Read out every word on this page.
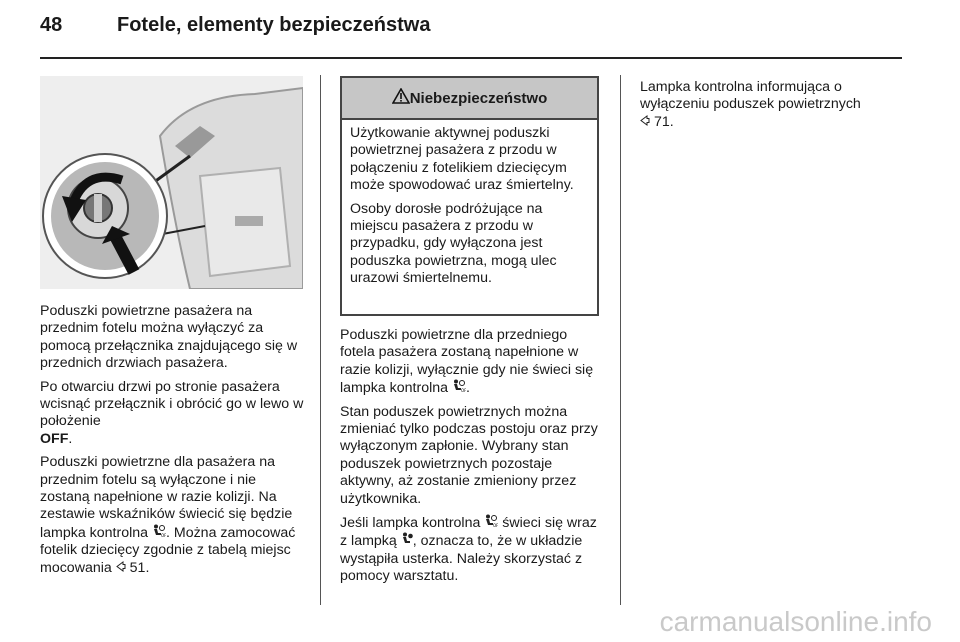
48	Fotele, elementy bezpieczeństwa

Poduszki powietrzne pasażera na przednim fotelu można wyłączyć za pomocą przełącznika znajdującego się w przednich drzwiach pasażera.

Po otwarciu drzwi po stronie pasażera wcisnąć przełącznik i obrócić go w lewo w położenie
OFF.

Poduszki powietrzne dla pasażera na przednim fotelu są wyłączone i nie zostaną napełnione w razie kolizji. Na zestawie wskaźników świecić się będzie lampka kontrolna	O . Można zamocować fotelik dziecięcy zgodnie z tabelą miejsc mocowania 51.

Niebezpieczeństwo

Użytkowanie aktywnej poduszki powietrznej pasażera z przodu w połączeniu z fotelikiem dziecięcym może spowodować uraz śmiertelny.

Osoby dorosłe podróżujące na miejscu pasażera z przodu w przypadku, gdy wyłączona jest poduszka powietrzna, mogą ulec urazowi śmiertelnemu.

Poduszki powietrzne dla przedniego fotela pasażera zostaną napełnione w razie kolizji, wyłącznie gdy nie świeci się lampka kontrolna	O .

Stan poduszek powietrznych można zmieniać tylko podczas postoju oraz przy wyłączonym zapłonie. Wybrany stan poduszek powietrznych pozostaje aktywny, aż zostanie zmieniony przez użytkownika.

Jeśli lampka kontrolna	O świeci się wraz z lampką , oznacza to, że w układzie wystąpiła usterka. Należy skorzystać z pomocy warsztatu.

Lampka kontrolna informująca o wyłączeniu poduszek powietrznych
71.

carmanualsonline.info
